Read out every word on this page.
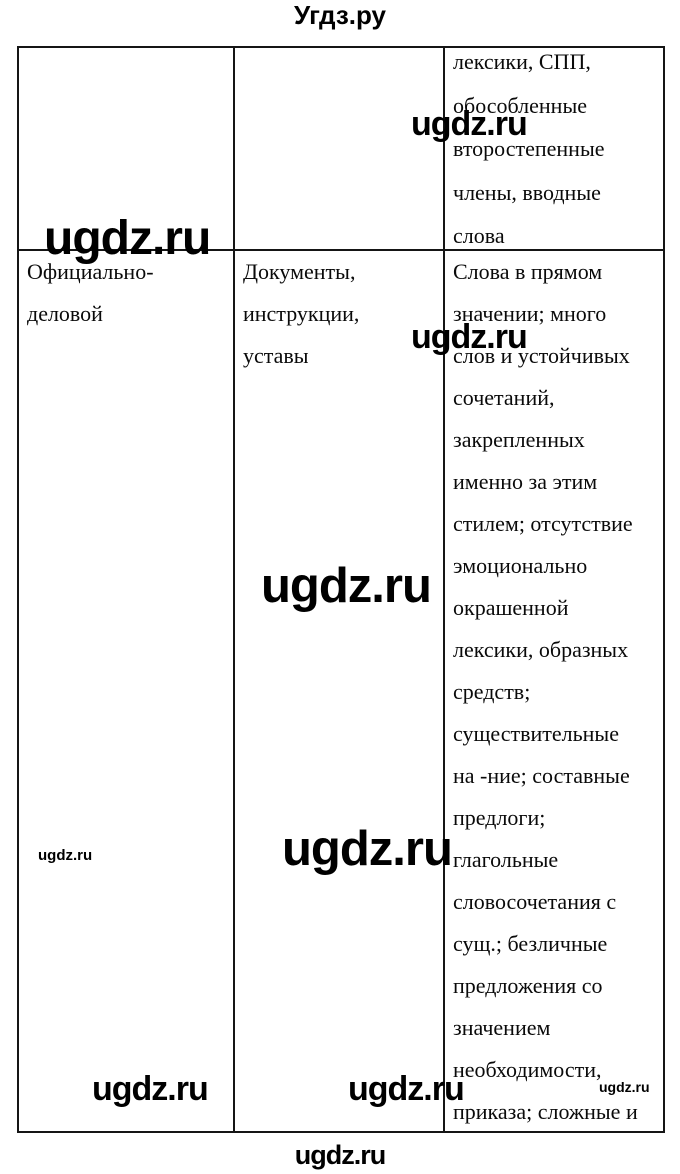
Угдз.ру
лексики, СПП,
обособленные
второстепенные
члены, вводные
слова
Официально-
деловой
Документы,
инструкции,
уставы
Слова в прямом
значении; много
слов и устойчивых
сочетаний,
закрепленных
именно за этим
стилем; отсутствие
эмоционально
окрашенной
лексики, образных
средств;
существительные
на -ние; составные
предлоги;
глагольные
словосочетания с
сущ.; безличные
предложения со
значением
необходимости,
приказа; сложные и
ugdz.ru
ugdz.ru
ugdz.ru
ugdz.ru
ugdz.ru
ugdz.ru
ugdz.ru	ugdz.ru	ugdz.ru
ugdz.ru
